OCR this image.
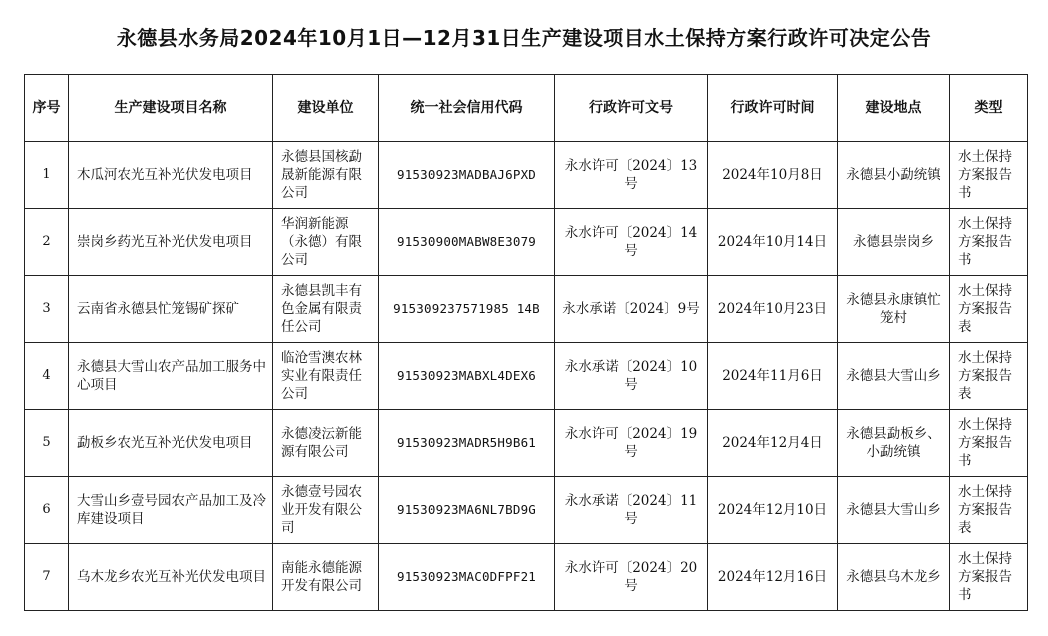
永德县水务局2024年10月1日—12月31日生产建设项目水土保持方案行政许可决定公告
序号	生产建设项目名称	建设单位	统一社会信用代码	行政许可文号	行政许可时间	建设地点	类型
1	木瓜河农光互补光伏发电项目	永德县国核勐晟新能源有限公司	91530923MADBAJ6PXD	永水许可〔2024〕13号	2024年10月8日	永德县小勐统镇	水土保持方案报告书
2	崇岗乡药光互补光伏发电项目	华润新能源（永德）有限公司	91530900MABW8E3079	永水许可〔2024〕14号	2024年10月14日	永德县崇岗乡	水土保持方案报告书
3	云南省永德县忙笼锡矿探矿	永德县凯丰有色金属有限责任公司	915309237571985 14B	永水承诺〔2024〕9号	2024年10月23日	永德县永康镇忙笼村	水土保持方案报告表
4	永德县大雪山农产品加工服务中心项目	临沧雪澳农林实业有限责任公司	91530923MABXL4DEX6	永水承诺〔2024〕10号	2024年11月6日	永德县大雪山乡	水土保持方案报告表
5	勐板乡农光互补光伏发电项目	永德凌沄新能源有限公司	91530923MADR5H9B61	永水许可〔2024〕19号	2024年12月4日	永德县勐板乡、小勐统镇	水土保持方案报告书
6	大雪山乡壹号园农产品加工及冷库建设项目	永德壹号园农业开发有限公司	91530923MA6NL7BD9G	永水承诺〔2024〕11号	2024年12月10日	永德县大雪山乡	水土保持方案报告表
7	乌木龙乡农光互补光伏发电项目	南能永德能源开发有限公司	91530923MAC0DFPF21	永水许可〔2024〕20号	2024年12月16日	永德县乌木龙乡	水土保持方案报告书
